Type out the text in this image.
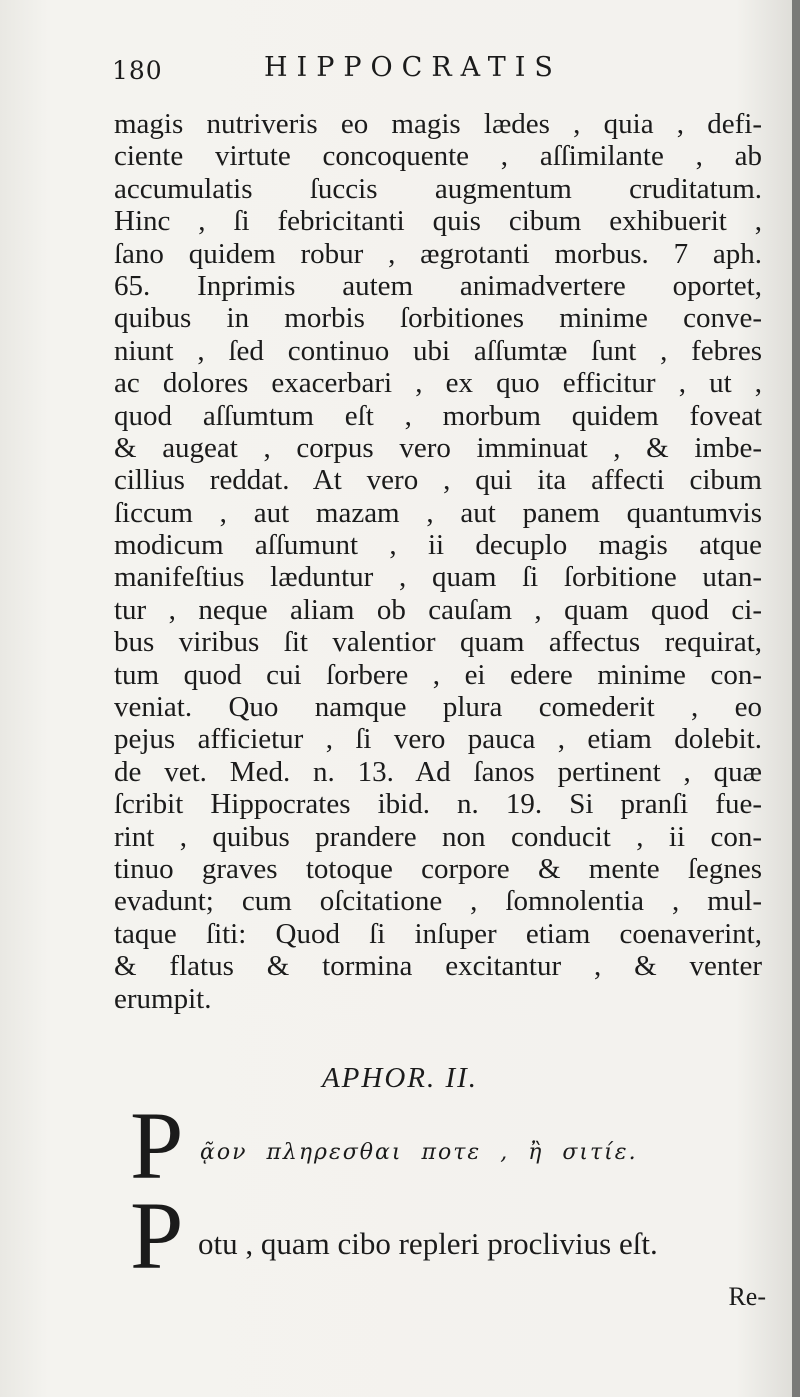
180	HIPPOCRATIS
magis nutriveris eo magis lædes , quia , defi-
ciente virtute concoquente , aſſimilante , ab
accumulatis ſuccis augmentum cruditatum.
Hinc , ſi febricitanti quis cibum exhibuerit ,
ſano quidem robur , ægrotanti morbus. 7 aph.
65. Inprimis autem animadvertere oportet,
quibus in morbis ſorbitiones minime conve-
niunt , ſed continuo ubi aſſumtæ ſunt , febres
ac dolores exacerbari , ex quo efficitur , ut ,
quod aſſumtum eſt , morbum quidem foveat
& augeat , corpus vero imminuat , & imbe-
cillius reddat. At vero , qui ita affecti cibum
ſiccum , aut mazam , aut panem quantumvis
modicum aſſumunt , ii decuplo magis atque
manifeſtius læduntur , quam ſi ſorbitione utan-
tur , neque aliam ob cauſam , quam quod ci-
bus viribus ſit valentior quam affectus requirat,
tum quod cui ſorbere , ei edere minime con-
veniat. Quo namque plura comederit , eo
pejus afficietur , ſi vero pauca , etiam dolebit.
de vet. Med. n. 13. Ad ſanos pertinent , quæ
ſcribit Hippocrates ibid. n. 19. Si pranſi fue-
rint , quibus prandere non conducit , ii con-
tinuo graves totoque corpore & mente ſegnes
evadunt; cum oſcitatione , ſomnolentia , mul-
taque ſiti: Quod ſi inſuper etiam coenaverint,
& flatus & tormina excitantur , & venter
erumpit.
APHOR. II.
P ᾷον πληρεσθαι ποτε , ἢ σιτίε.
P otu , quam cibo repleri proclivius eſt.
Re-
